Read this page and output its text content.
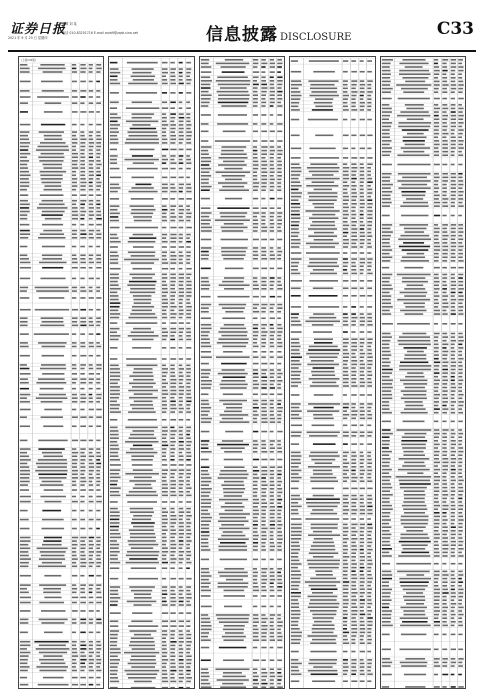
证券日报
2021 年 9 月 23 日 星期四
编辑 刘 某
电话 010-83251716 E-mail zqrb9@zqrb.sina.net	信息披露 DISCLOSURE	C33
(上接C32版)
